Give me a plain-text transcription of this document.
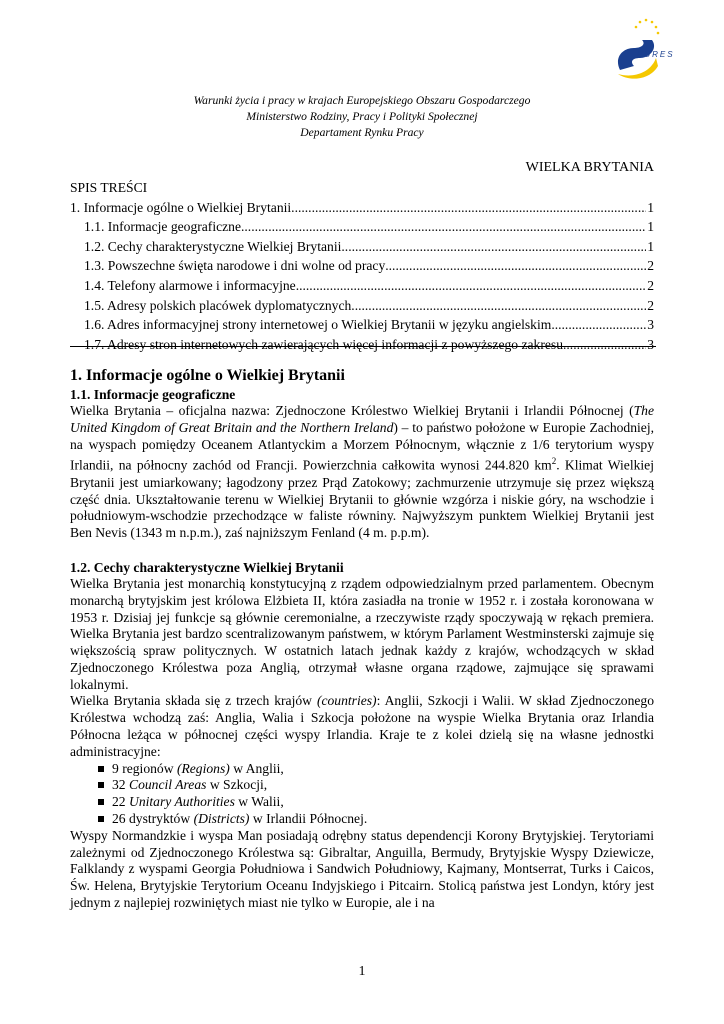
EURES
Warunki życia i pracy w krajach Europejskiego Obszaru Gospodarczego
Ministerstwo Rodziny, Pracy i Polityki Społecznej
Departament Rynku Pracy
WIELKA BRYTANIA
SPIS TREŚCI
1. Informacje ogólne o Wielkiej Brytanii .....	1
1.1. Informacje geograficzne .....	1
1.2. Cechy charakterystyczne Wielkiej Brytanii .....	1
1.3. Powszechne święta narodowe i dni wolne od pracy .....	2
1.4. Telefony alarmowe i informacyjne .....	2
1.5. Adresy polskich placówek dyplomatycznych .....	2
1.6. Adres informacyjnej strony internetowej o Wielkiej Brytanii w języku angielskim .....	3
1.7. Adresy stron internetowych zawierających więcej informacji z powyższego zakresu .....	3
1. Informacje ogólne o Wielkiej Brytanii
1.1. Informacje geograficzne

Wielka Brytania – oficjalna nazwa: Zjednoczone Królestwo Wielkiej Brytanii i Irlandii Północnej (The United Kingdom of Great Britain and the Northern Ireland) – to państwo położone w Europie Zachodniej, na wyspach pomiędzy Oceanem Atlantyckim a Morzem Północnym, włącznie z 1/6 terytorium wyspy Irlandii, na północny zachód od Francji. Powierzchnia całkowita wynosi 244.820 $km^2$. Klimat Wielkiej Brytanii jest umiarkowany; łagodzony przez Prąd Zatokowy; zachmurzenie utrzymuje się przez większą część dnia. Ukształtowanie terenu w Wielkiej Brytanii to głównie wzgórza i niskie góry, na wschodzie i południowym-wschodzie przechodzące w faliste równiny. Najwyższym punktem Wielkiej Brytanii jest Ben Nevis (1343 m n.p.m.), zaś najniższym Fenland (4 m. p.p.m).

1.2. Cechy charakterystyczne Wielkiej Brytanii

Wielka Brytania jest monarchią konstytucyjną z rządem odpowiedzialnym przed parlamentem. Obecnym monarchą brytyjskim jest królowa Elżbieta II, która zasiadła na tronie w 1952 r. i została koronowana w 1953 r. Dzisiaj jej funkcje są głównie ceremonialne, a rzeczywiste rządy spoczywają w rękach premiera. Wielka Brytania jest bardzo scentralizowanym państwem, w którym Parlament Westminsterski zajmuje się większością spraw politycznych. W ostatnich latach jednak każdy z krajów, wchodzących w skład Zjednoczonego Królestwa poza Anglią, otrzymał własne organa rządowe, zajmujące się sprawami lokalnymi.

Wielka Brytania składa się z trzech krajów (countries): Anglii, Szkocji i Walii. W skład Zjednoczonego Królestwa wchodzą zaś: Anglia, Walia i Szkocja położone na wyspie Wielka Brytania oraz Irlandia Północna leżąca w północnej części wyspy Irlandia. Kraje te z kolei dzielą się na własne jednostki administracyjne:

9 regionów (Regions) w Anglii,
32 Council Areas w Szkocji,
22 Unitary Authorities w Walii,
26 dystryktów (Districts) w Irlandii Północnej.

Wyspy Normandzkie i wyspa Man posiadają odrębny status dependencji Korony Brytyjskiej. Terytoriami zależnymi od Zjednoczonego Królestwa są: Gibraltar, Anguilla, Bermudy, Brytyjskie Wyspy Dziewicze, Falklandy z wyspami Georgia Południowa i Sandwich Południowy, Kajmany, Montserrat, Turks i Caicos, Św. Helena, Brytyjskie Terytorium Oceanu Indyjskiego i Pitcairn. Stolicą państwa jest Londyn, który jest jednym z najlepiej rozwiniętych miast nie tylko w Europie, ale i na

1
